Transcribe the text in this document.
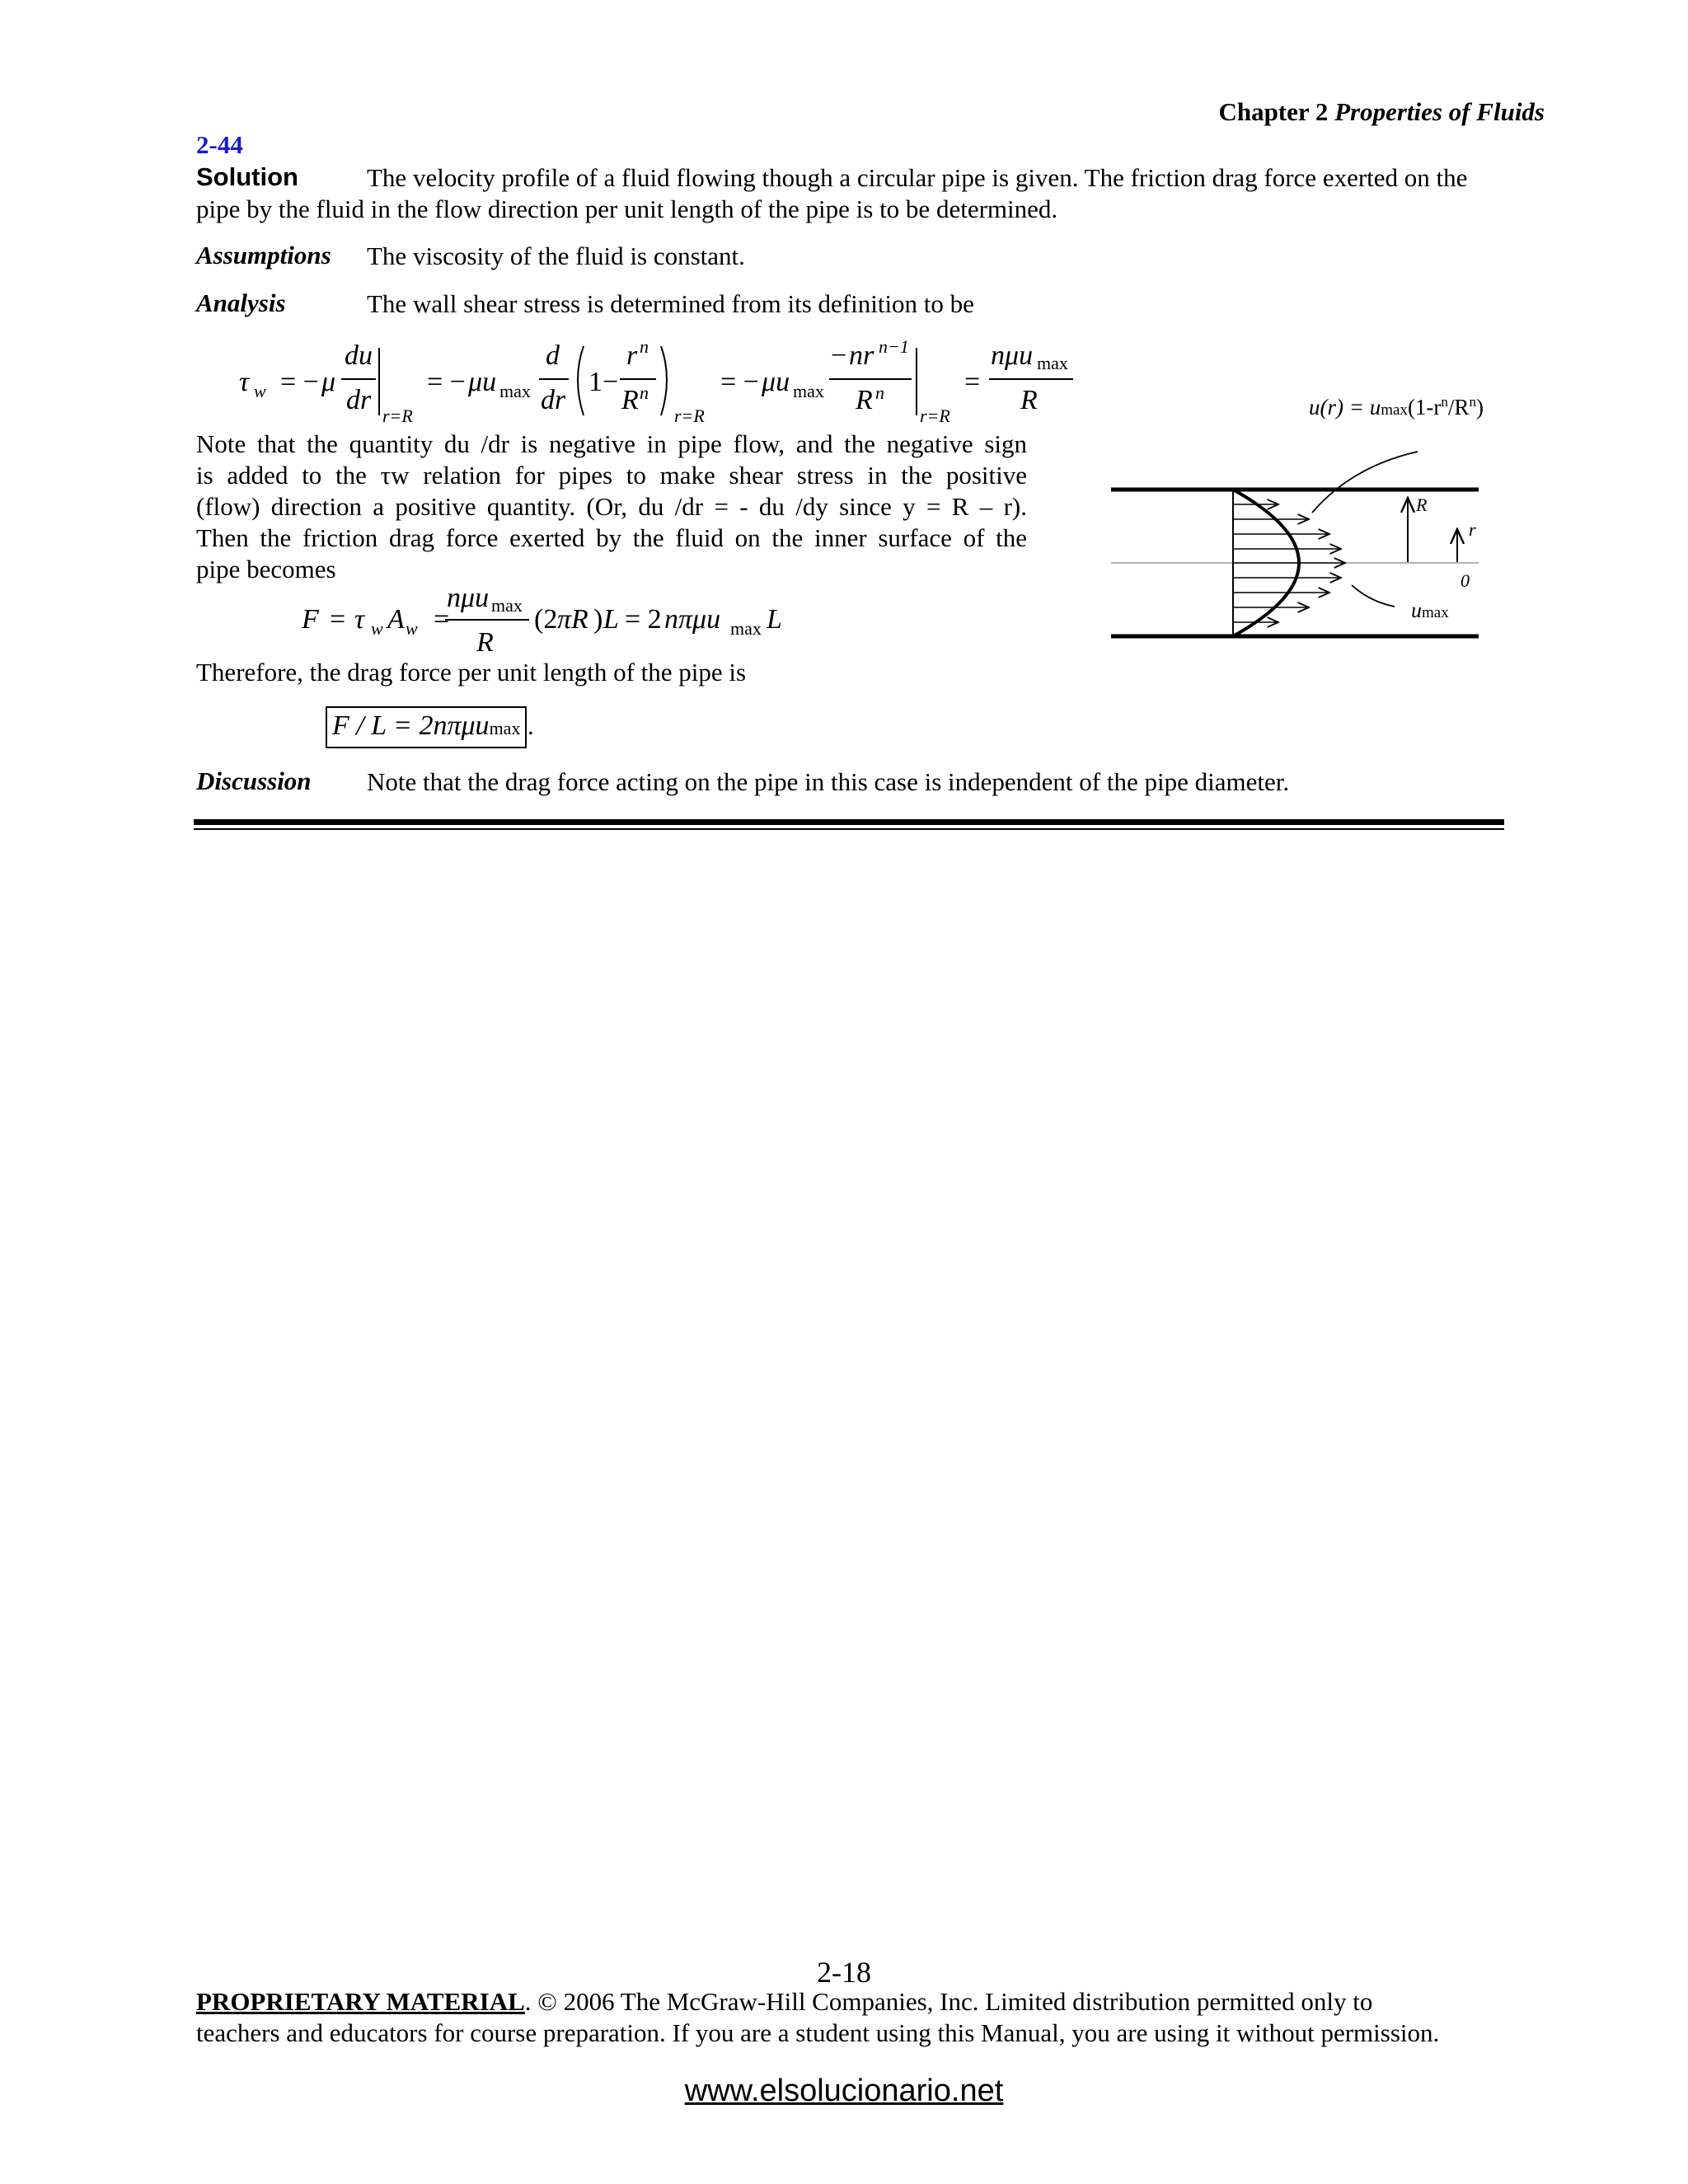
Chapter 2 Properties of Fluids
2-44
Solution	The velocity profile of a fluid flowing though a circular pipe is given. The friction drag force exerted on the
pipe by the fluid in the flow direction per unit length of the pipe is to be determined.
Assumptions The viscosity of the fluid is constant.
Analysis	The wall shear stress is determined from its definition to be
τ w = − μ
du
dr
r=R
= − μu max
d
dr
1−
r n
R n
r=R
= − μu max
− nr n−1
R n
r=R
=
nμu max
R
Note that the quantity du /dr is negative in pipe flow, and the negative sign
is added to the τw relation for pipes to make shear stress in the positive
(flow) direction a positive quantity. (Or, du /dr = - du /dy since y = R – r).
Then the friction drag force exerted by the fluid on the inner surface of the
pipe becomes
F = τ w A w =
nμu max
R
(2 πR ) L = 2 nπμu max L
Therefore, the drag force per unit length of the pipe is
F / L = 2nπμumax .
Discussion Note that the drag force acting on the pipe in this case is independent of the pipe diameter.
$u(r) = umax(1-r^n/R^n)$
R
r
0
umax
2-18
PROPRIETARY MATERIAL. © 2006 The McGraw-Hill Companies, Inc. Limited distribution permitted only to
teachers and educators for course preparation. If you are a student using this Manual, you are using it without permission.
www.elsolucionario.net
